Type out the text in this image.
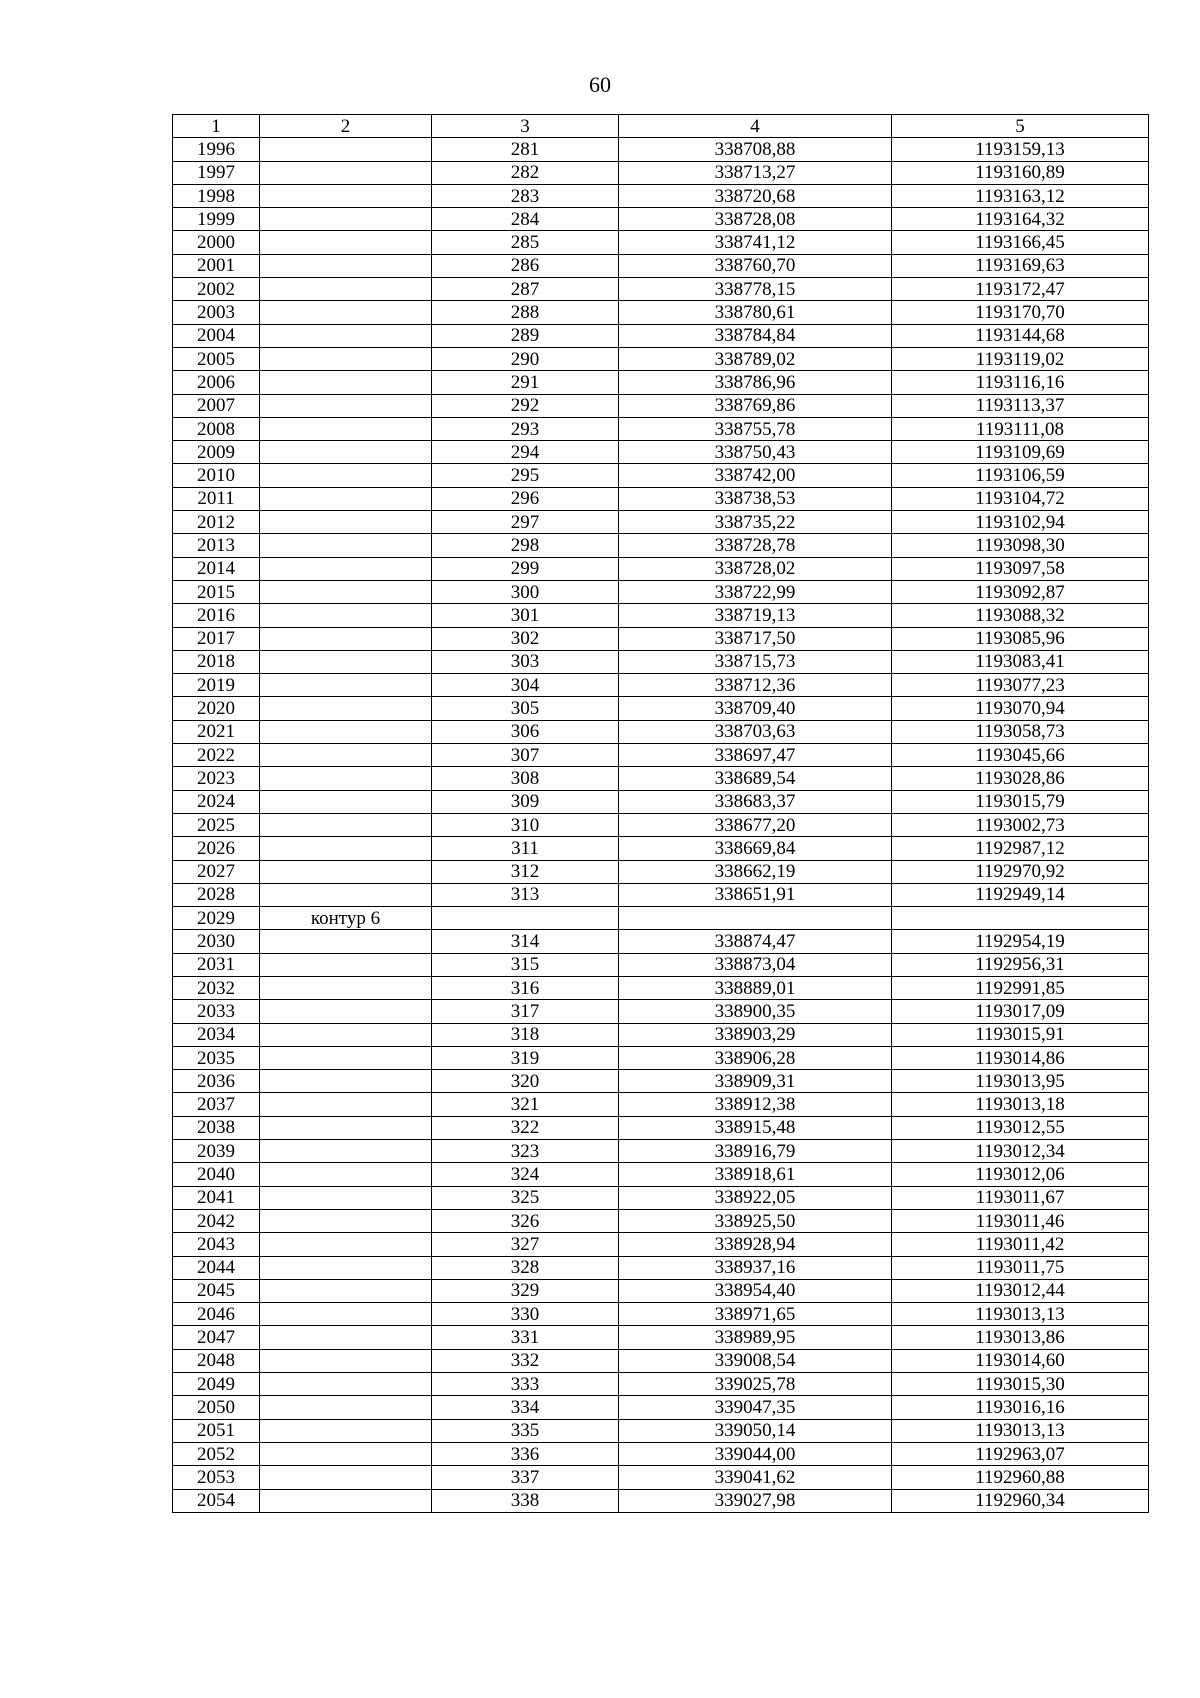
60
1	2	3	4	5
1996		281	338708,88	1193159,13
1997		282	338713,27	1193160,89
1998		283	338720,68	1193163,12
1999		284	338728,08	1193164,32
2000		285	338741,12	1193166,45
2001		286	338760,70	1193169,63
2002		287	338778,15	1193172,47
2003		288	338780,61	1193170,70
2004		289	338784,84	1193144,68
2005		290	338789,02	1193119,02
2006		291	338786,96	1193116,16
2007		292	338769,86	1193113,37
2008		293	338755,78	1193111,08
2009		294	338750,43	1193109,69
2010		295	338742,00	1193106,59
2011		296	338738,53	1193104,72
2012		297	338735,22	1193102,94
2013		298	338728,78	1193098,30
2014		299	338728,02	1193097,58
2015		300	338722,99	1193092,87
2016		301	338719,13	1193088,32
2017		302	338717,50	1193085,96
2018		303	338715,73	1193083,41
2019		304	338712,36	1193077,23
2020		305	338709,40	1193070,94
2021		306	338703,63	1193058,73
2022		307	338697,47	1193045,66
2023		308	338689,54	1193028,86
2024		309	338683,37	1193015,79
2025		310	338677,20	1193002,73
2026		311	338669,84	1192987,12
2027		312	338662,19	1192970,92
2028		313	338651,91	1192949,14
2029	контур 6			
2030		314	338874,47	1192954,19
2031		315	338873,04	1192956,31
2032		316	338889,01	1192991,85
2033		317	338900,35	1193017,09
2034		318	338903,29	1193015,91
2035		319	338906,28	1193014,86
2036		320	338909,31	1193013,95
2037		321	338912,38	1193013,18
2038		322	338915,48	1193012,55
2039		323	338916,79	1193012,34
2040		324	338918,61	1193012,06
2041		325	338922,05	1193011,67
2042		326	338925,50	1193011,46
2043		327	338928,94	1193011,42
2044		328	338937,16	1193011,75
2045		329	338954,40	1193012,44
2046		330	338971,65	1193013,13
2047		331	338989,95	1193013,86
2048		332	339008,54	1193014,60
2049		333	339025,78	1193015,30
2050		334	339047,35	1193016,16
2051		335	339050,14	1193013,13
2052		336	339044,00	1192963,07
2053		337	339041,62	1192960,88
2054		338	339027,98	1192960,34
